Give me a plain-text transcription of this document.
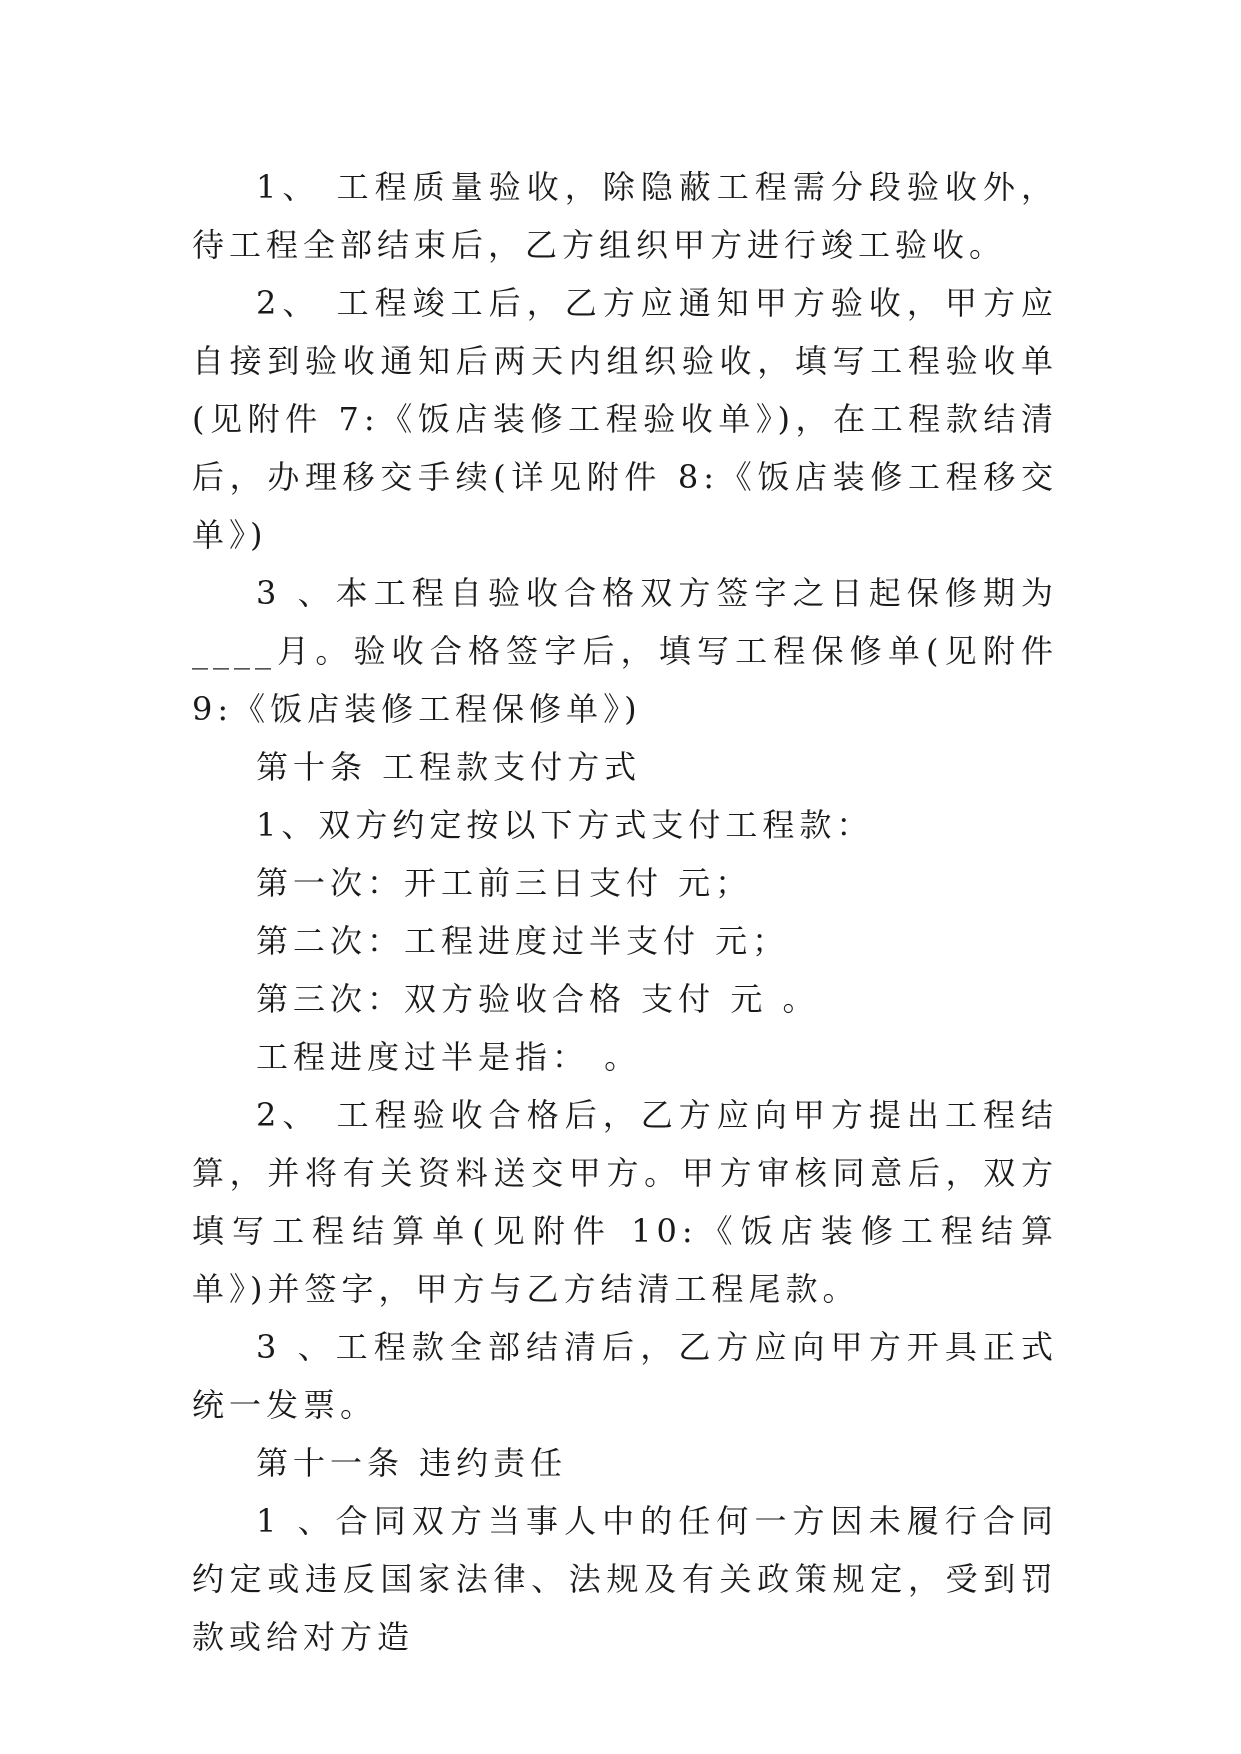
1、 工程质量验收，除隐蔽工程需分段验收外，待工程全部结束后，乙方组织甲方进行竣工验收。

2、 工程竣工后，乙方应通知甲方验收，甲方应自接到验收通知后两天内组织验收，填写工程验收单(见附件 7:《饭店装修工程验收单》)，在工程款结清后，办理移交手续(详见附件 8:《饭店装修工程移交单》)

3 、本工程自验收合格双方签字之日起保修期为____月。验收合格签字后，填写工程保修单(见附件 9:《饭店装修工程保修单》)

第十条 工程款支付方式

1、双方约定按以下方式支付工程款：

第一次：开工前三日支付 元；

第二次：工程进度过半支付 元；

第三次：双方验收合格 支付 元 。

工程进度过半是指： 。

2、 工程验收合格后，乙方应向甲方提出工程结算，并将有关资料送交甲方。甲方审核同意后，双方填写工程结算单(见附件 10:《饭店装修工程结算单》)并签字，甲方与乙方结清工程尾款。

3 、工程款全部结清后，乙方应向甲方开具正式统一发票。

第十一条 违约责任

1 、合同双方当事人中的任何一方因未履行合同约定或违反国家法律、法规及有关政策规定，受到罚款或给对方造
